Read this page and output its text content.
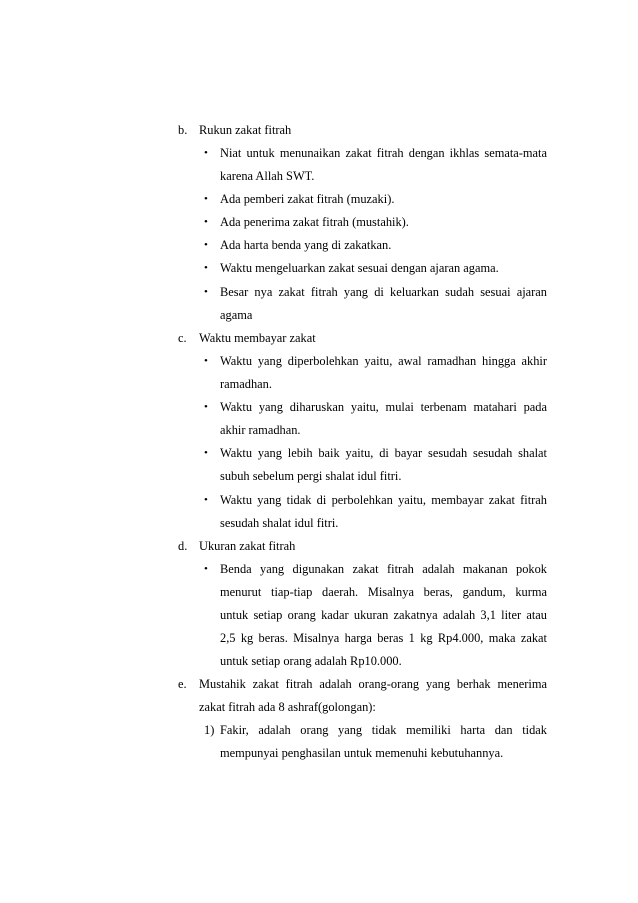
b. Rukun zakat fitrah
• Niat untuk menunaikan zakat fitrah dengan ikhlas semata-mata
karena Allah SWT.
• Ada pemberi zakat fitrah (muzaki).
• Ada penerima zakat fitrah (mustahik).
• Ada harta benda yang di zakatkan.
• Waktu mengeluarkan zakat sesuai dengan ajaran agama.
• Besar nya zakat fitrah yang di keluarkan sudah sesuai ajaran
agama
c. Waktu membayar zakat
• Waktu yang diperbolehkan yaitu, awal ramadhan hingga akhir
ramadhan.
• Waktu yang diharuskan yaitu, mulai terbenam matahari pada
akhir ramadhan.
• Waktu yang lebih baik yaitu, di bayar sesudah sesudah shalat
subuh sebelum pergi shalat idul fitri.
• Waktu yang tidak di perbolehkan yaitu, membayar zakat fitrah
sesudah shalat idul fitri.
d. Ukuran zakat fitrah
• Benda yang digunakan zakat fitrah adalah makanan pokok
menurut tiap-tiap daerah. Misalnya beras, gandum, kurma
untuk setiap orang kadar ukuran zakatnya adalah 3,1 liter atau
2,5 kg beras. Misalnya harga beras 1 kg Rp4.000, maka zakat
untuk setiap orang adalah Rp10.000.
e. Mustahik zakat fitrah adalah orang-orang yang berhak menerima
zakat fitrah ada 8 ashraf(golongan):
1) Fakir, adalah orang yang tidak memiliki harta dan tidak
mempunyai penghasilan untuk memenuhi kebutuhannya.
